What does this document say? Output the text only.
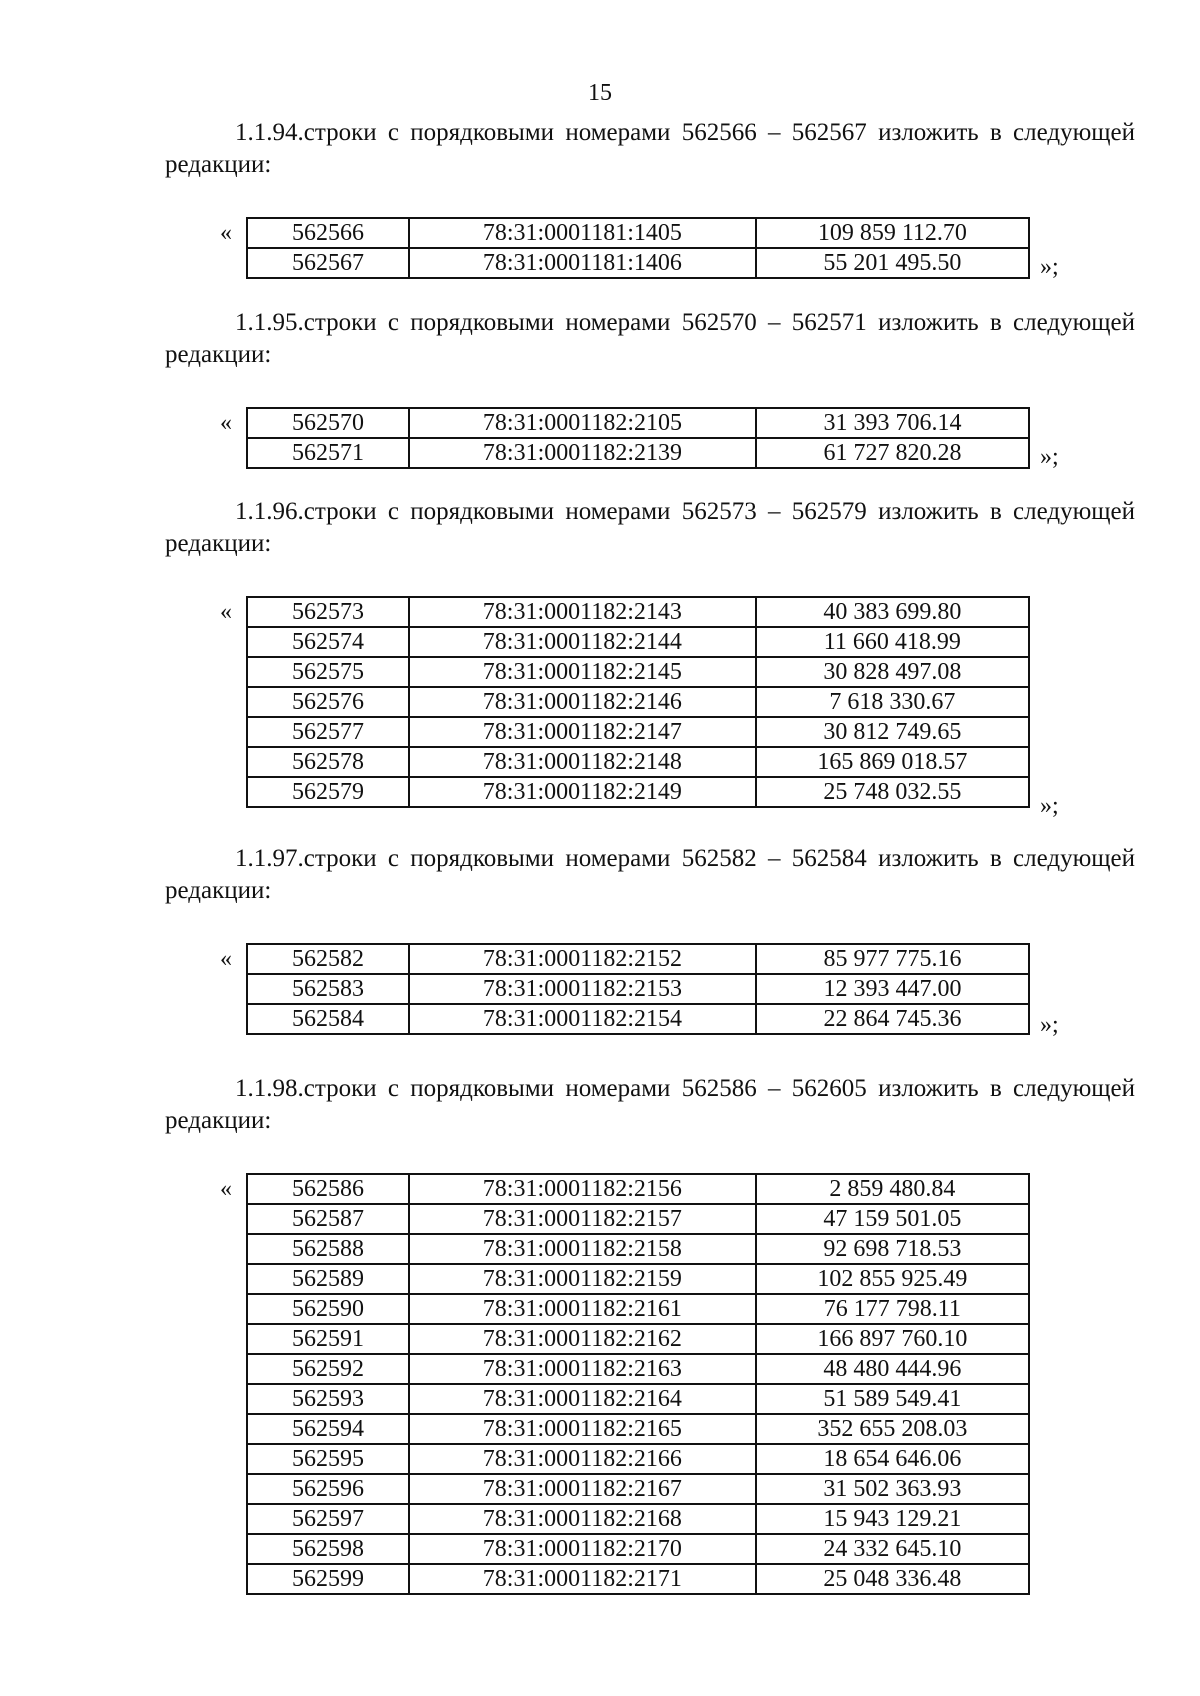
15
1.1.94.строки с порядковыми номерами 562566 – 562567 изложить в следующей
редакции:
«	562566	78:31:0001181:1405	109 859 112.70
562567	78:31:0001181:1406	55 201 495.50	»;
1.1.95.строки с порядковыми номерами 562570 – 562571 изложить в следующей
редакции:
«	562570	78:31:0001182:2105	31 393 706.14
562571	78:31:0001182:2139	61 727 820.28	»;
1.1.96.строки с порядковыми номерами 562573 – 562579 изложить в следующей
редакции:
«	562573	78:31:0001182:2143	40 383 699.80
562574	78:31:0001182:2144	11 660 418.99
562575	78:31:0001182:2145	30 828 497.08
562576	78:31:0001182:2146	7 618 330.67
562577	78:31:0001182:2147	30 812 749.65
562578	78:31:0001182:2148	165 869 018.57
562579	78:31:0001182:2149	25 748 032.55
»;
1.1.97.строки с порядковыми номерами 562582 – 562584 изложить в следующей
редакции:
«	562582	78:31:0001182:2152	85 977 775.16
562583	78:31:0001182:2153	12 393 447.00
562584	78:31:0001182:2154	22 864 745.36	»;
1.1.98.строки с порядковыми номерами 562586 – 562605 изложить в следующей
редакции:
«	562586	78:31:0001182:2156	2 859 480.84
562587	78:31:0001182:2157	47 159 501.05
562588	78:31:0001182:2158	92 698 718.53
562589	78:31:0001182:2159	102 855 925.49
562590	78:31:0001182:2161	76 177 798.11
562591	78:31:0001182:2162	166 897 760.10
562592	78:31:0001182:2163	48 480 444.96
562593	78:31:0001182:2164	51 589 549.41
562594	78:31:0001182:2165	352 655 208.03
562595	78:31:0001182:2166	18 654 646.06
562596	78:31:0001182:2167	31 502 363.93
562597	78:31:0001182:2168	15 943 129.21
562598	78:31:0001182:2170	24 332 645.10
562599	78:31:0001182:2171	25 048 336.48
